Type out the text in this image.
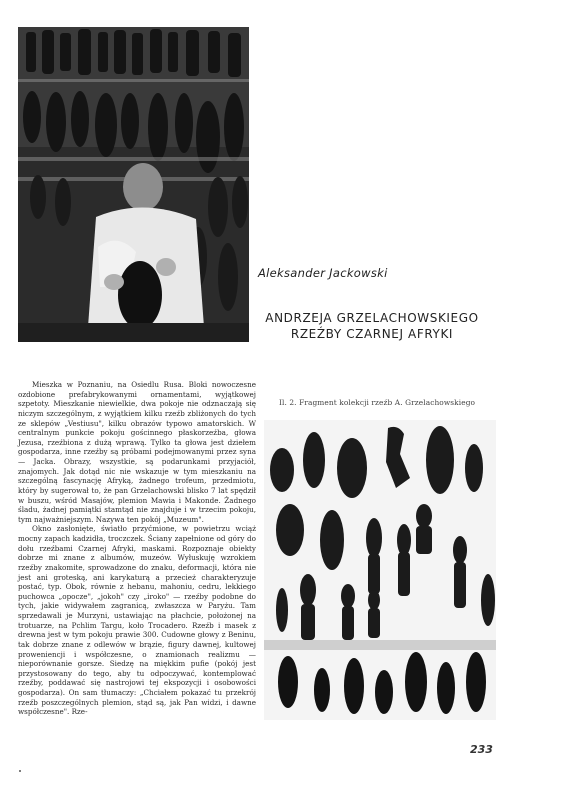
Aleksander Jackowski
ANDRZEJA GRZELACHOWSKIEGO
RZEŹBY CZARNEJ AFRYKI
Il. 2. Fragment kolekcji rzeźb A. Grzelachowskiego

Mieszka w Poznaniu, na Osiedlu Rusa. Bloki nowoczesne ozdobione prefabrykowanymi ornamentami, wyjątkowej szpetoty. Mieszkanie niewielkie, dwa pokoje nie odznaczają się niczym szczególnym, z wyjątkiem kilku rzeźb zbliżonych do tych ze sklepów „Vestiusu", kilku obrazów typowo amatorskich. W centralnym punkcie pokoju gościnnego płaskorzeźba, głowa Jezusa, rzeźbiona z dużą wprawą. Tylko ta głowa jest dziełem gospodarza, inne rzeźby są próbami podejmowanymi przez syna — Jacka. Obrazy, wszystkie, są podarunkami przyjaciół, znajomych. Jak dotąd nic nie wskazuje w tym mieszkaniu na szczególną fascynację Afryką, żadnego trofeum, przedmiotu, który by sugerował to, że pan Grzelachowski blisko 7 lat spędził w buszu, wśród Masajów, plemion Mawia i Makonde. Żadnego śladu, żadnej pamiątki stamtąd nie znajduje i w trzecim pokoju, tym najważniejszym. Nazywa ten pokój „Muzeum".

Okno zasłonięte, światło przyćmione, w powietrzu wciąż mocny zapach kadzidła, troczczek. Ściany zapełnione od góry do dołu rzeźbami Czarnej Afryki, maskami. Rozpoznaje obiekty dobrze mi znane z albumów, muzeów. Wyłuskuję wzrokiem rzeźby znakomite, sprowadzone do znaku, deformacji, która nie jest ani groteską, ani karykaturą a przecież charakteryzuje postać, typ. Obok, równie z hebanu, mahoniu, cedru, lekkiego puchowca „opocze", „jokoh" czy „iroko" — rzeźby podobne do tych, jakie widywałem zagranicą, zwłaszcza w Paryżu. Tam sprzedawali je Murzyni, ustawiając na płachcie, położonej na trotuarze, na Pchlim Targu, koło Trocadero. Rzeźb i masek z drewna jest w tym pokoju prawie 300. Cudowne głowy z Beninu, tak dobrze znane z odlewów w brązie, figury dawnej, kultowej proweniencji i współczesne, o znamionach realizmu — nieporównanie gorsze. Siedzę na miękkim pufie (pokój jest przystosowany do tego, aby tu odpoczywać, kontemplować rzeźby, poddawać się nastrojowi tej ekspozycji i osobowości gospodarza). On sam tłumaczy: „Chciałem pokazać tu przekrój rzeźb poszczególnych plemion, stąd są, jak Pan widzi, i dawne współczesne". Rze-

233
